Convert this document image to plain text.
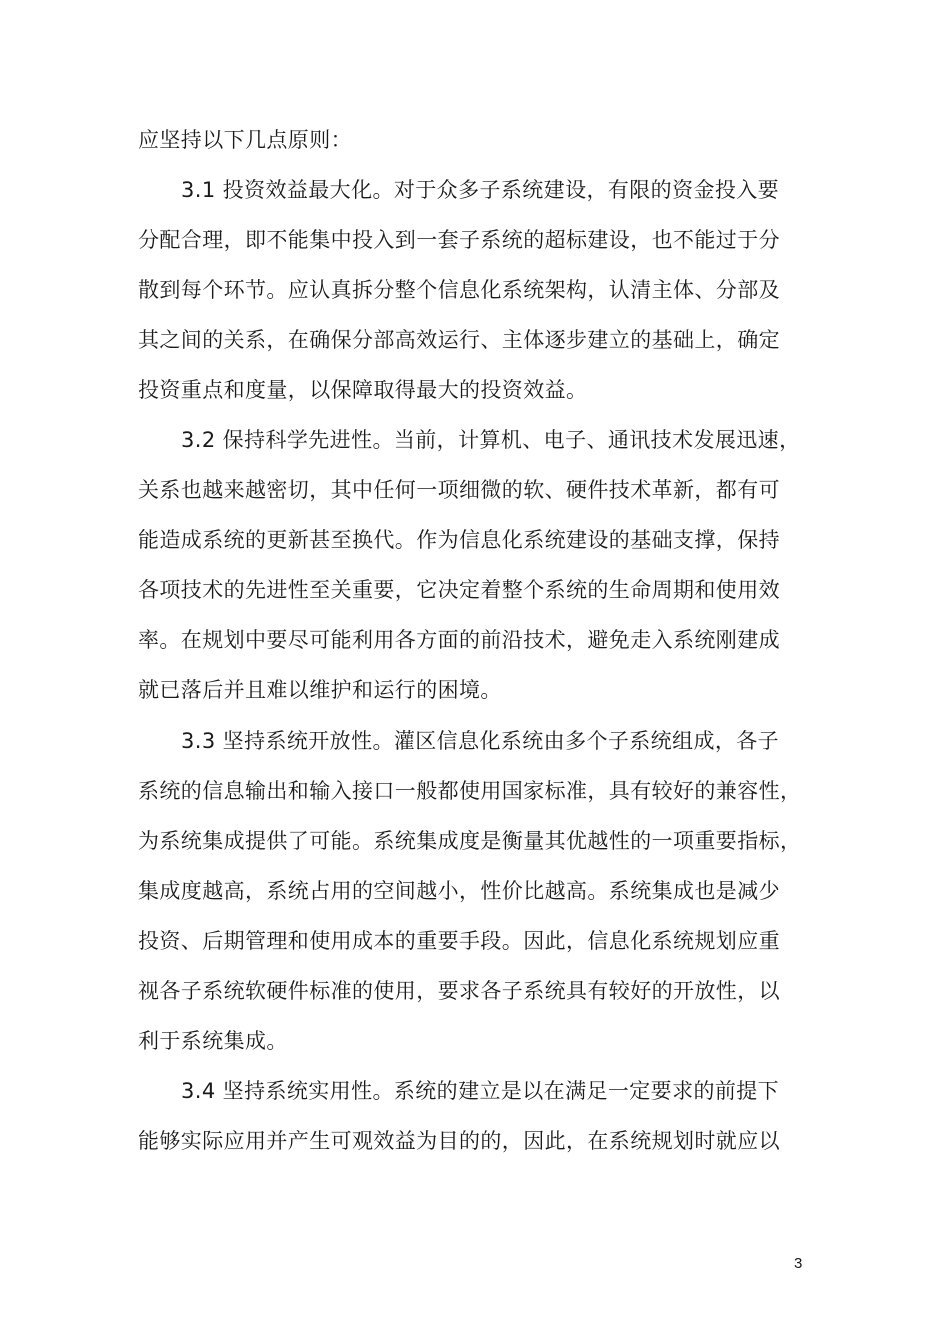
应坚持以下几点原则：
3.1 投资效益最大化。对于众多子系统建设，有限的资金投入要
分配合理，即不能集中投入到一套子系统的超标建设，也不能过于分
散到每个环节。应认真拆分整个信息化系统架构，认清主体、分部及
其之间的关系，在确保分部高效运行、主体逐步建立的基础上，确定
投资重点和度量，以保障取得最大的投资效益。
3.2 保持科学先进性。当前，计算机、电子、通讯技术发展迅速，
关系也越来越密切，其中任何一项细微的软、硬件技术革新，都有可
能造成系统的更新甚至换代。作为信息化系统建设的基础支撑，保持
各项技术的先进性至关重要，它决定着整个系统的生命周期和使用效
率。在规划中要尽可能利用各方面的前沿技术，避免走入系统刚建成
就已落后并且难以维护和运行的困境。
3.3 坚持系统开放性。灌区信息化系统由多个子系统组成，各子
系统的信息输出和输入接口一般都使用国家标准，具有较好的兼容性，
为系统集成提供了可能。系统集成度是衡量其优越性的一项重要指标，
集成度越高，系统占用的空间越小，性价比越高。系统集成也是减少
投资、后期管理和使用成本的重要手段。因此，信息化系统规划应重
视各子系统软硬件标准的使用，要求各子系统具有较好的开放性，以
利于系统集成。
3.4 坚持系统实用性。系统的建立是以在满足一定要求的前提下
能够实际应用并产生可观效益为目的的，因此，在系统规划时就应以
3
